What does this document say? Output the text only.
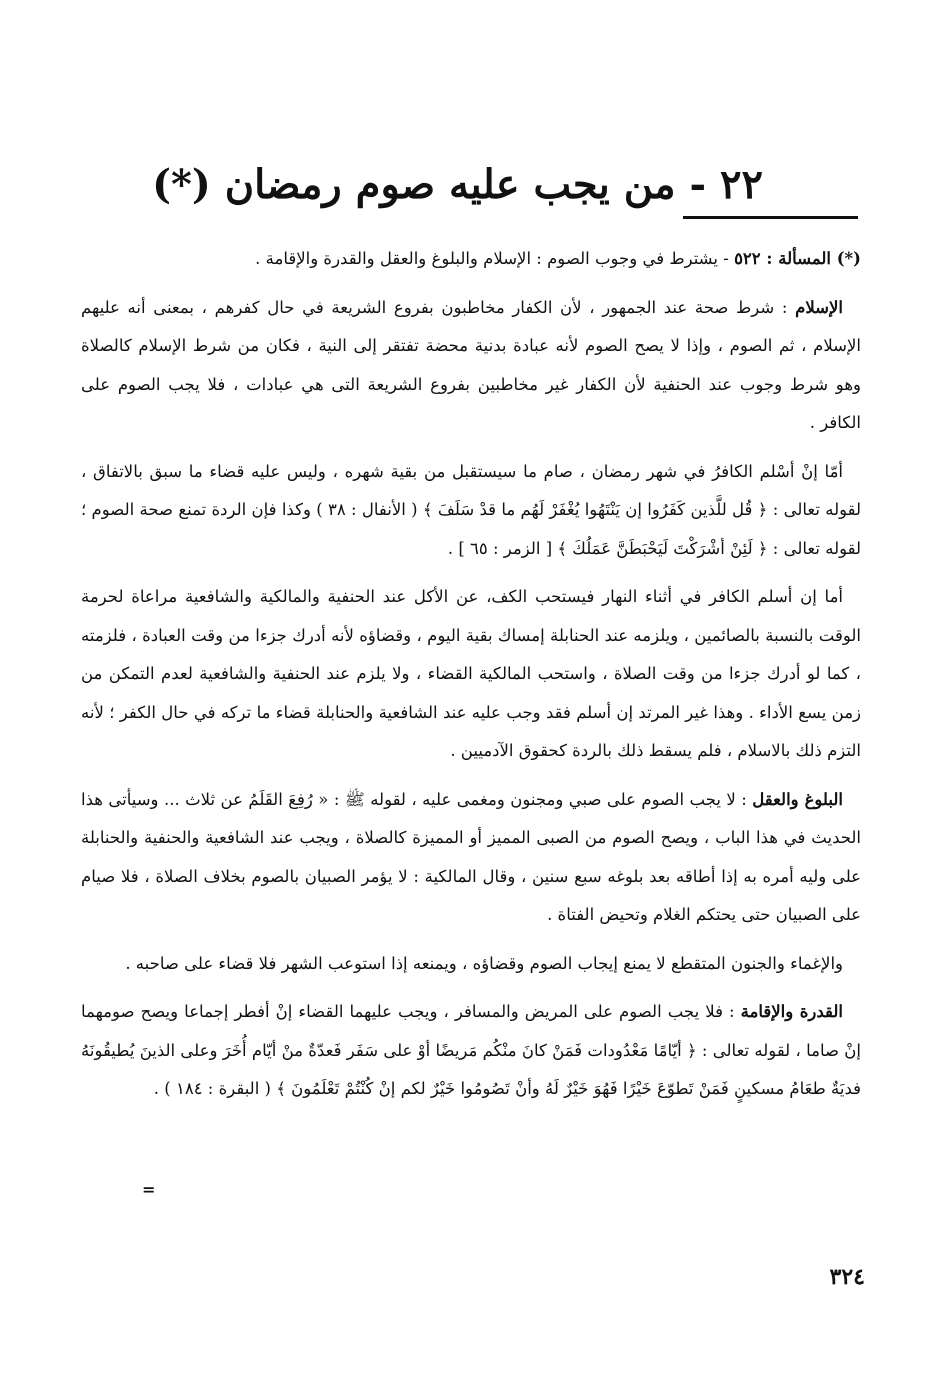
٢٢ - من يجب عليه صوم رمضان (*)

(*) المسألة : ٥٢٢ - يشترط في وجوب الصوم : الإسلام والبلوغ والعقل والقدرة والإقامة .

الإسلام : شرط صحة عند الجمهور ، لأن الكفار مخاطبون بفروع الشريعة في حال كفرهم ، بمعنى أنه عليهم الإسلام ، ثم الصوم ، وإذا لا يصح الصوم لأنه عبادة بدنية محضة تفتقر إلى النية ، فكان من شرط الإسلام كالصلاة وهو شرط وجوب عند الحنفية لأن الكفار غير مخاطبين بفروع الشريعة التى هي عبادات ، فلا يجب الصوم على الكافر .

أمّا إنْ أسْلم الكافرُ في شهر رمضان ، صام ما سيستقبل من بقية شهره ، وليس عليه قضاء ما سبق بالاتفاق ، لقوله تعالى : ﴿ قُل للَّذين كَفَرُوا إن يَنْتَهُوا يُغْفَرْ لَهُم ما قدْ سَلَفَ ﴾ ( الأنفال : ٣٨ ) وكذا فإن الردة تمنع صحة الصوم ؛ لقوله تعالى : ﴿ لَئِنْ أشْرَكْتَ لَيَحْبَطَنَّ عَمَلُكَ ﴾ [ الزمر : ٦٥ ] .

أما إن أسلم الكافر في أثناء النهار فيستحب الكف، عن الأكل عند الحنفية والمالكية والشافعية مراعاة لحرمة الوقت بالنسبة بالصائمين ، ويلزمه عند الحنابلة إمساك بقية اليوم ، وقضاؤه لأنه أدرك جزءا من وقت العبادة ، فلزمته ، كما لو أدرك جزءا من وقت الصلاة ، واستحب المالكية القضاء ، ولا يلزم عند الحنفية والشافعية لعدم التمكن من زمن يسع الأداء . وهذا غير المرتد إن أسلم فقد وجب عليه عند الشافعية والحنابلة قضاء ما تركه في حال الكفر ؛ لأنه التزم ذلك بالاسلام ، فلم يسقط ذلك بالردة كحقوق الآدميين .

البلوغ والعقل : لا يجب الصوم على صبي ومجنون ومغمى عليه ، لقوله ﷺ : « رُفِعَ القَلَمُ عن ثلاث ... وسيأتى هذا الحديث في هذا الباب ، ويصح الصوم من الصبى المميز أو المميزة كالصلاة ، ويجب عند الشافعية والحنفية والحنابلة على وليه أمره به إذا أطاقه بعد بلوغه سبع سنين ، وقال المالكية : لا يؤمر الصبيان بالصوم بخلاف الصلاة ، فلا صيام على الصبيان حتى يحتكم الغلام وتحيض الفتاة .

والإغماء والجنون المتقطع لا يمنع إيجاب الصوم وقضاؤه ، ويمنعه إذا استوعب الشهر فلا قضاء على صاحبه .

القدرة والإقامة : فلا يجب الصوم على المريض والمسافر ، ويجب عليهما القضاء إنْ أفطر إجماعا ويصح صومهما إنْ صاما ، لقوله تعالى : ﴿ أيّامًا مَعْدُودات فَمَنْ كانَ منْكُم مَريضًا أوْ على سَفَر فَعدّةٌ منْ أيّام أُخَرَ وعلى الذينَ يُطيقُونَهُ فديَةٌ طعَامُ مسكينٍ فَمَنْ تَطوّعَ خَيْرًا فَهُوَ خَيْرٌ لَهُ وأنْ تَصُومُوا خَيْرٌ لكم إنْ كُنْتُمْ تَعْلَمُونَ ﴾ ( البقرة : ١٨٤ ) .

=
٣٢٤
